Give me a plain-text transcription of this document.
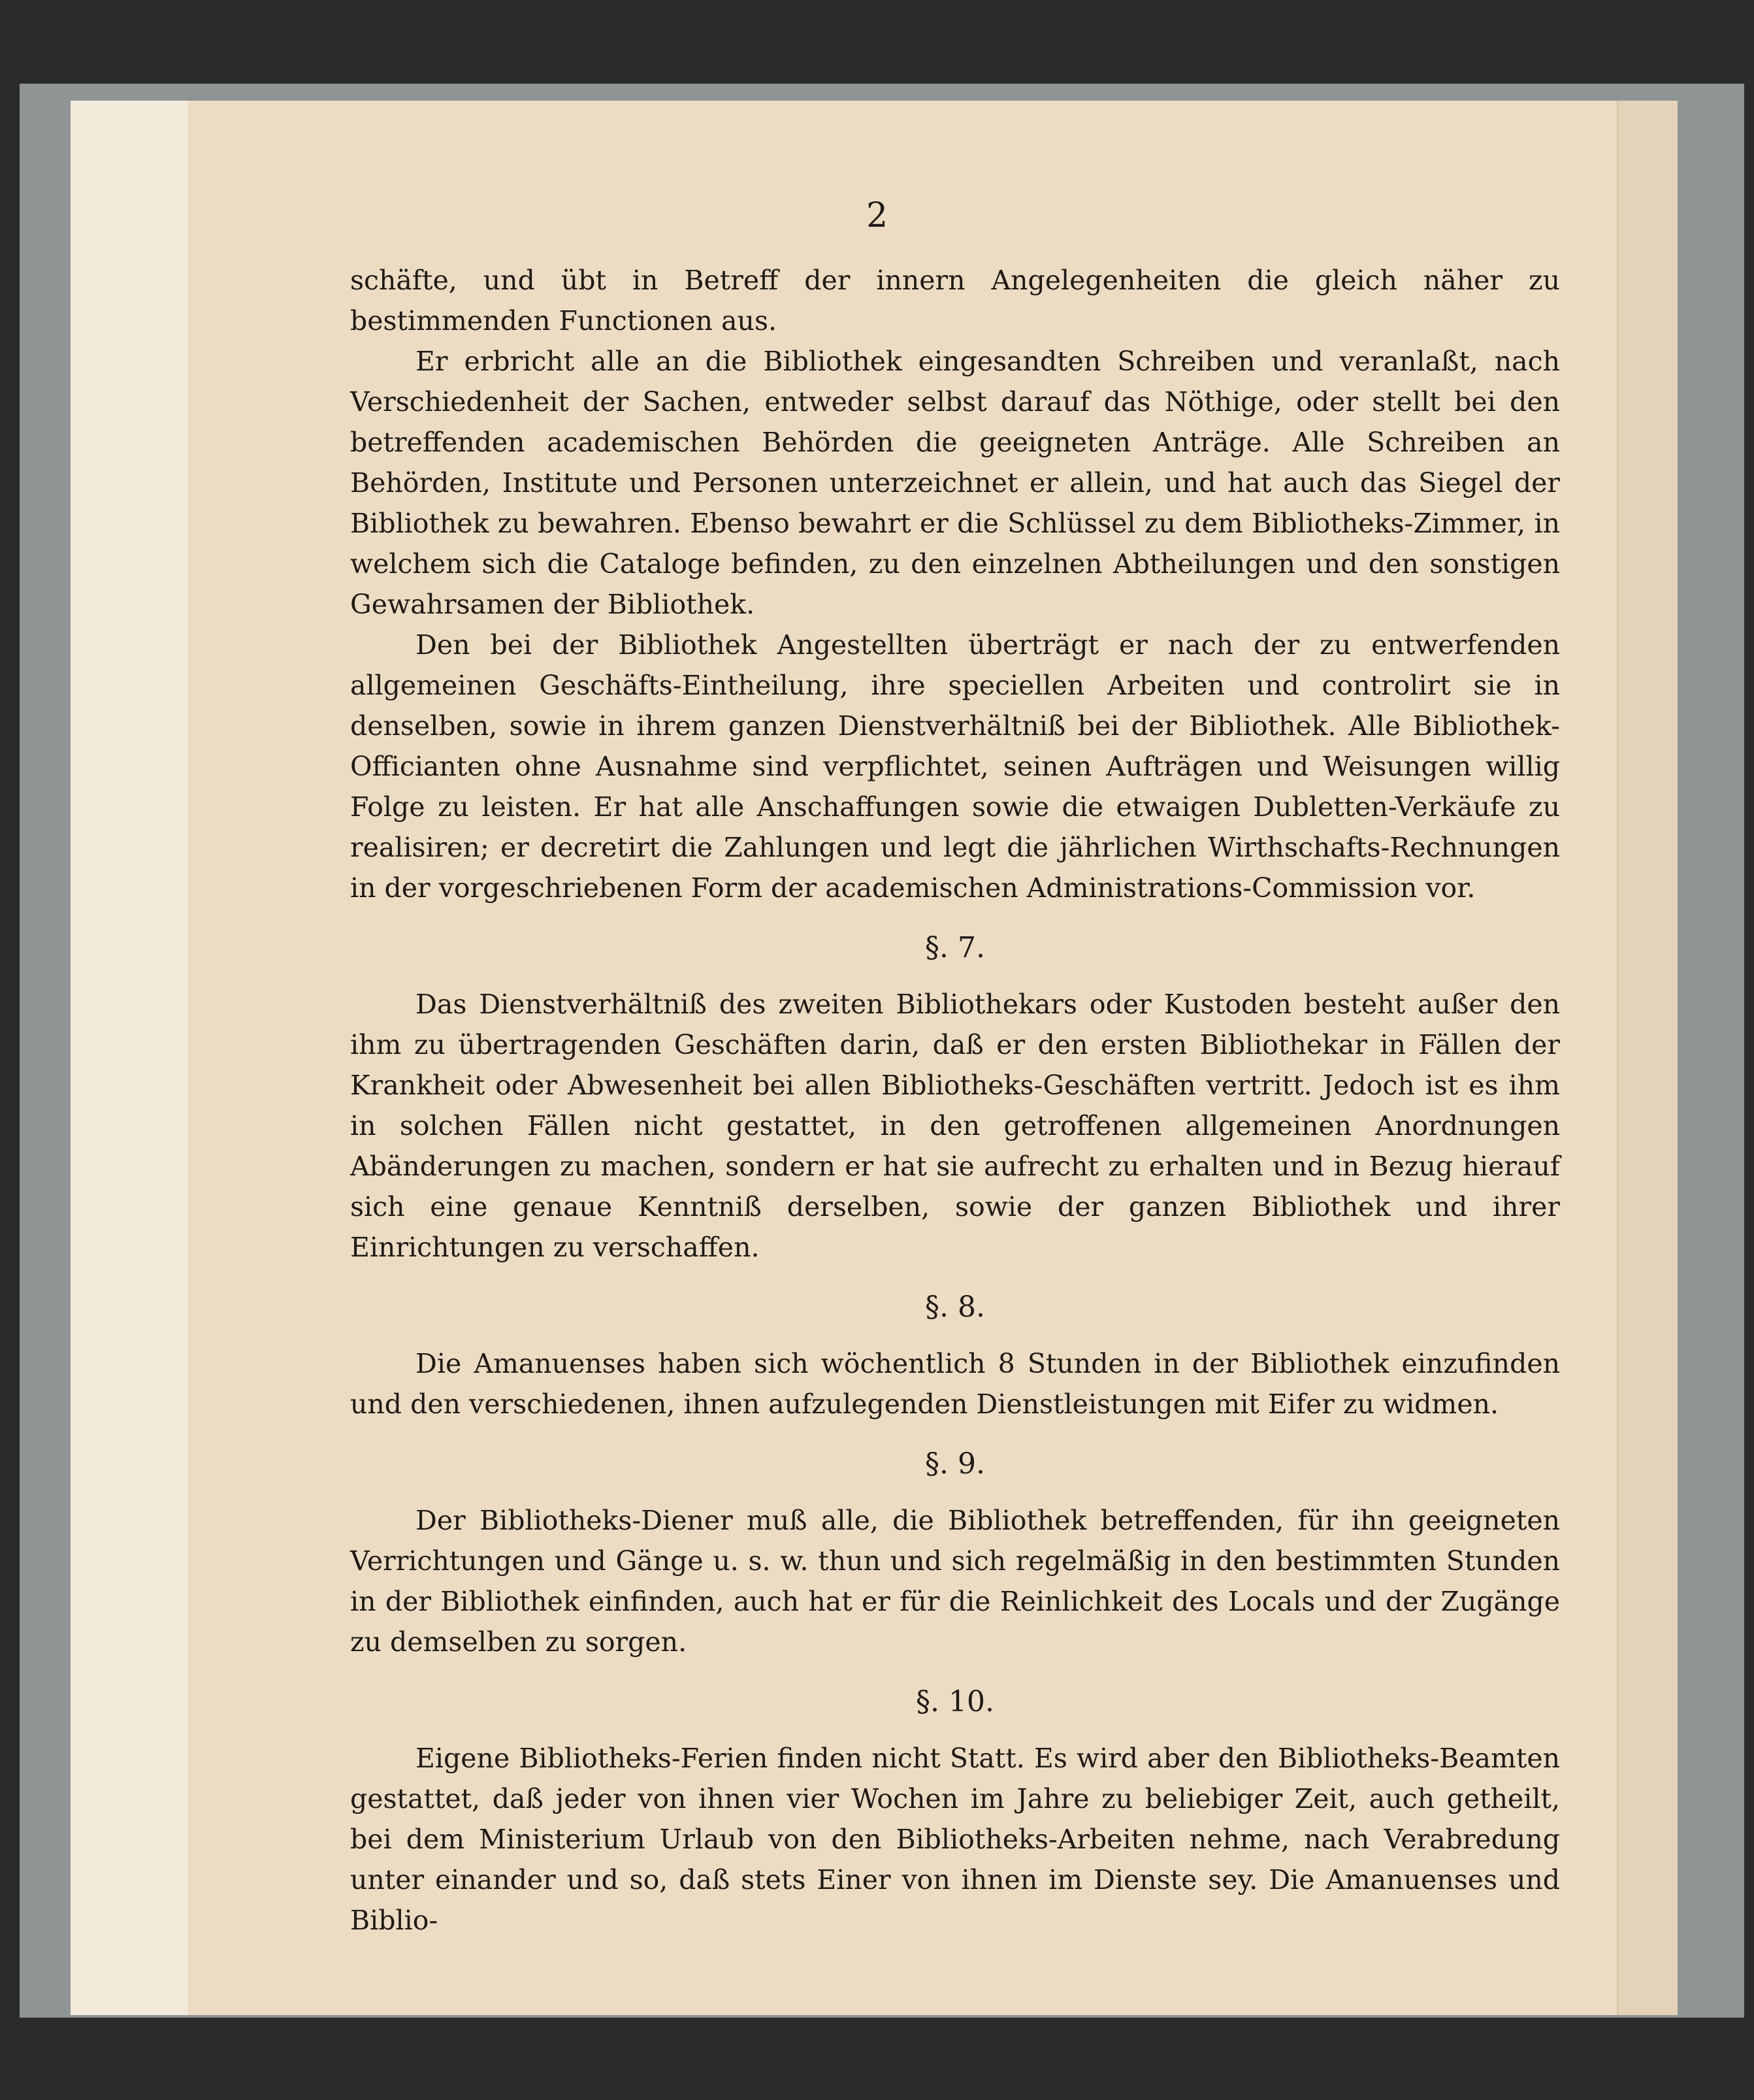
2

schäfte, und übt in Betreff der innern Angelegenheiten die gleich näher zu bestimmenden Functionen aus.

Er erbricht alle an die Bibliothek eingesandten Schreiben und veranlaßt, nach Verschiedenheit der Sachen, entweder selbst darauf das Nöthige, oder stellt bei den betreffenden academischen Behörden die geeigneten Anträge. Alle Schreiben an Behörden, Institute und Personen unterzeichnet er allein, und hat auch das Siegel der Bibliothek zu bewahren. Ebenso bewahrt er die Schlüssel zu dem Bibliotheks-Zimmer, in welchem sich die Cataloge befinden, zu den einzelnen Abtheilungen und den sonstigen Gewahrsamen der Bibliothek.

Den bei der Bibliothek Angestellten überträgt er nach der zu entwerfenden allgemeinen Geschäfts-Eintheilung, ihre speciellen Arbeiten und controlirt sie in denselben, sowie in ihrem ganzen Dienstverhältniß bei der Bibliothek. Alle Bibliothek-Officianten ohne Ausnahme sind verpflichtet, seinen Aufträgen und Weisungen willig Folge zu leisten. Er hat alle Anschaffungen sowie die etwaigen Dubletten-Verkäufe zu realisiren; er decretirt die Zahlungen und legt die jährlichen Wirthschafts-Rechnungen in der vorgeschriebenen Form der academischen Administrations-Commission vor.

§. 7.

Das Dienstverhältniß des zweiten Bibliothekars oder Kustoden besteht außer den ihm zu übertragenden Geschäften darin, daß er den ersten Bibliothekar in Fällen der Krankheit oder Abwesenheit bei allen Bibliotheks-Geschäften vertritt. Jedoch ist es ihm in solchen Fällen nicht gestattet, in den getroffenen allgemeinen Anordnungen Abänderungen zu machen, sondern er hat sie aufrecht zu erhalten und in Bezug hierauf sich eine genaue Kenntniß derselben, sowie der ganzen Bibliothek und ihrer Einrichtungen zu verschaffen.

§. 8.

Die Amanuenses haben sich wöchentlich 8 Stunden in der Bibliothek einzufinden und den verschiedenen, ihnen aufzulegenden Dienstleistungen mit Eifer zu widmen.

§. 9.

Der Bibliotheks-Diener muß alle, die Bibliothek betreffenden, für ihn geeigneten Verrichtungen und Gänge u. s. w. thun und sich regelmäßig in den bestimmten Stunden in der Bibliothek einfinden, auch hat er für die Reinlichkeit des Locals und der Zugänge zu demselben zu sorgen.

§. 10.

Eigene Bibliotheks-Ferien finden nicht Statt. Es wird aber den Bibliotheks-Beamten gestattet, daß jeder von ihnen vier Wochen im Jahre zu beliebiger Zeit, auch getheilt, bei dem Ministerium Urlaub von den Bibliotheks-Arbeiten nehme, nach Verabredung unter einander und so, daß stets Einer von ihnen im Dienste sey. Die Amanuenses und Biblio-
